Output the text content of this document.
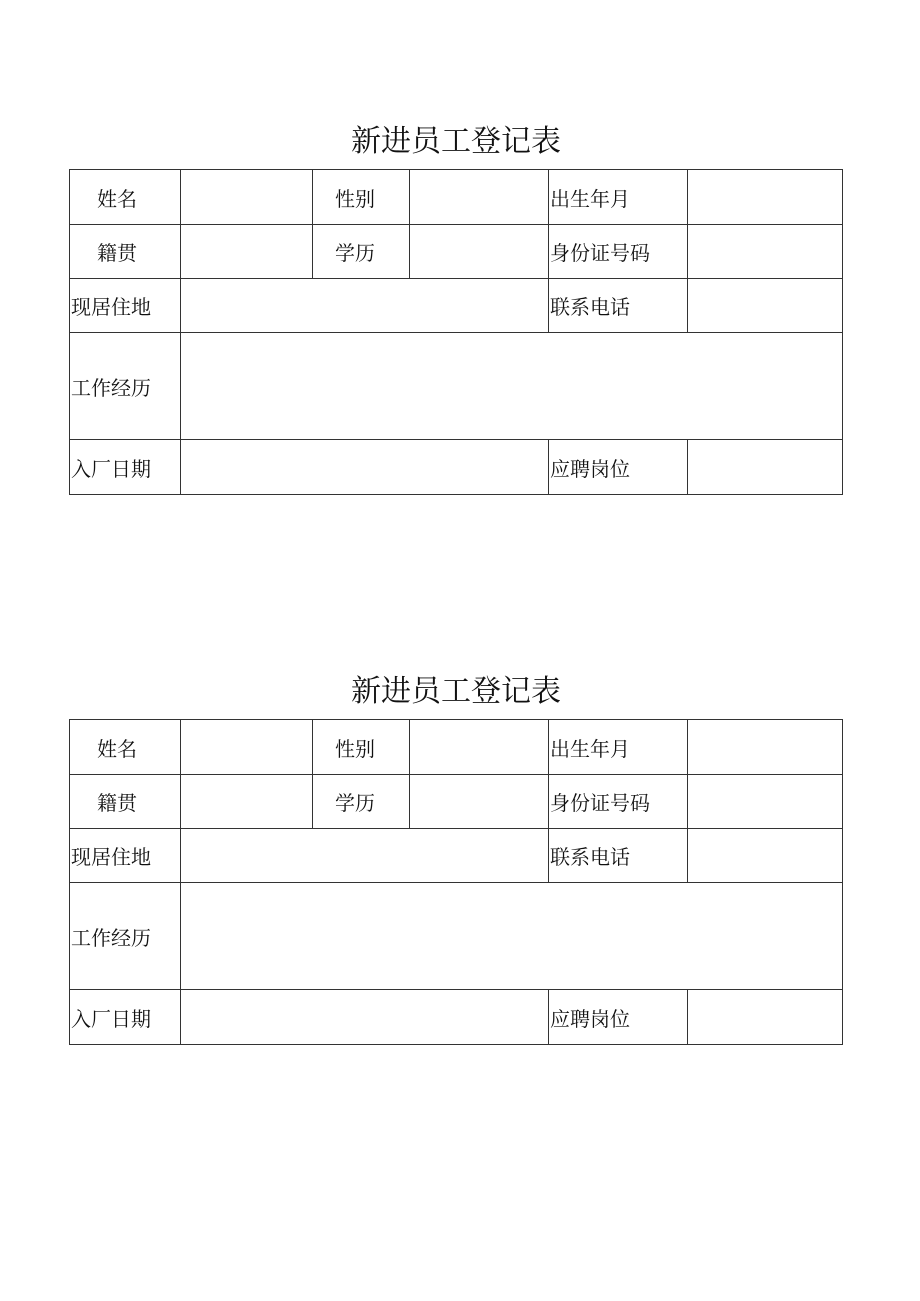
新进员工登记表
姓名	性别	出生年月
籍贯	学历	身份证号码
现居住地	联系电话
工作经历
入厂日期	应聘岗位
新进员工登记表
姓名	性别	出生年月
籍贯	学历	身份证号码
现居住地	联系电话
工作经历
入厂日期	应聘岗位
